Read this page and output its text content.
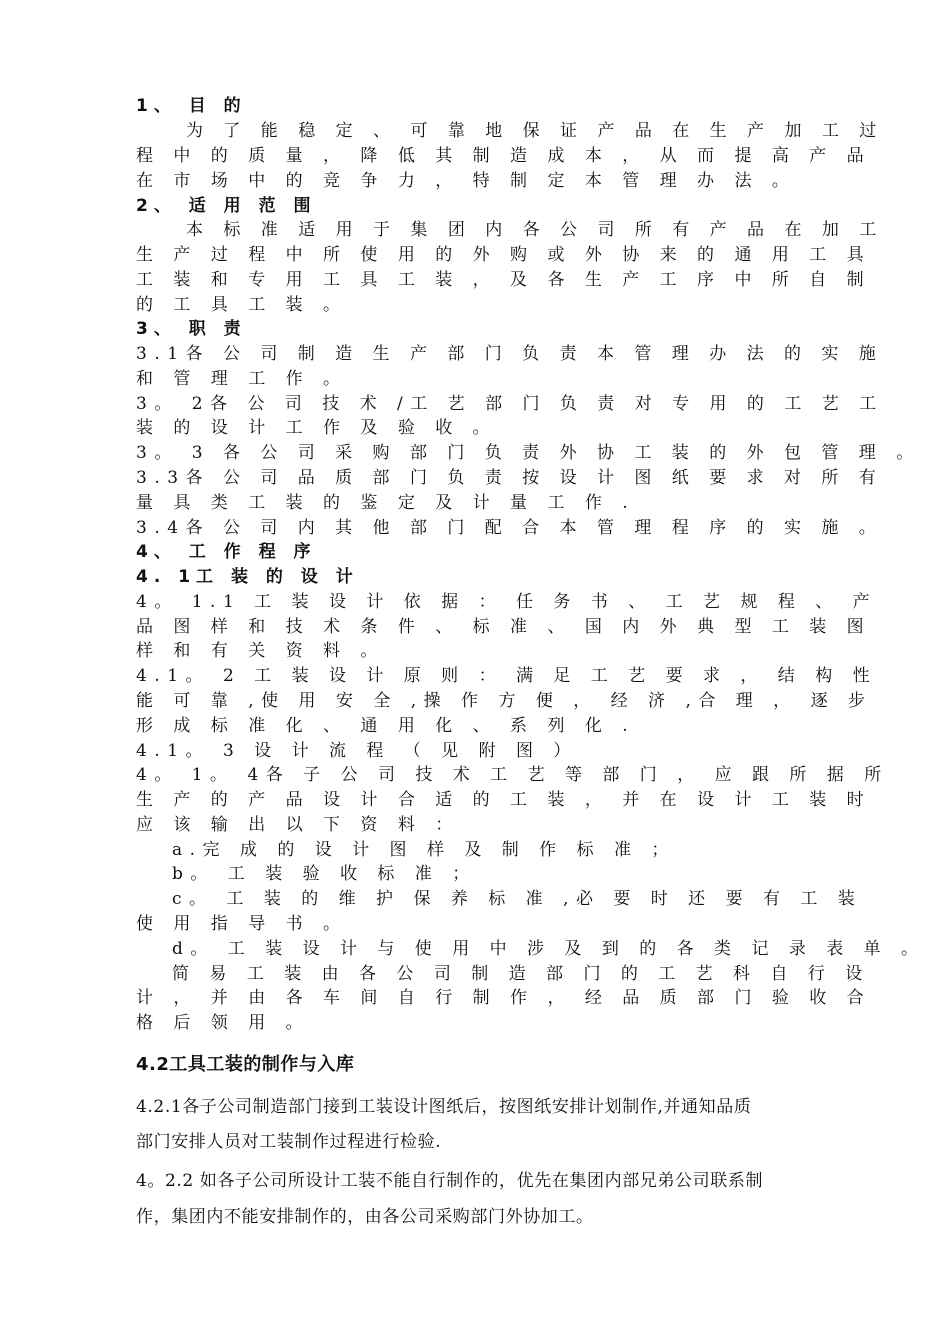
1、 目 的
为 了 能 稳 定 、 可 靠 地 保 证 产 品 在 生 产 加 工 过
程 中 的 质 量 ， 降 低 其 制 造 成 本 ， 从 而 提 高 产 品
在 市 场 中 的 竞 争 力 ， 特 制 定 本 管 理 办 法 。
2、 适 用 范 围
本 标 准 适 用 于 集 团 内 各 公 司 所 有 产 品 在 加 工
生 产 过 程 中 所 使 用 的 外 购 或 外 协 来 的 通 用 工 具
工 装 和 专 用 工 具 工 装 ， 及 各 生 产 工 序 中 所 自 制
的 工 具 工 装 。
3、 职 责
3.1各 公 司 制 造 生 产 部 门 负 责 本 管 理 办 法 的 实 施
和 管 理 工 作 。
3。 2各 公 司 技 术 /工 艺 部 门 负 责 对 专 用 的 工 艺 工
装 的 设 计 工 作 及 验 收 。
3。 3 各 公 司 采 购 部 门 负 责 外 协 工 装 的 外 包 管 理 。
3.3各 公 司 品 质 部 门 负 责 按 设 计 图 纸 要 求 对 所 有
量 具 类 工 装 的 鉴 定 及 计 量 工 作 .
3.4各 公 司 内 其 他 部 门 配 合 本 管 理 程 序 的 实 施 。
4、 工 作 程 序
4. 1工 装 的 设 计
4。 1.1 工 装 设 计 依 据 ： 任 务 书 、 工 艺 规 程 、 产
品 图 样 和 技 术 条 件 、 标 准 、 国 内 外 典 型 工 装 图
样 和 有 关 资 料 。
4.1。 2 工 装 设 计 原 则 ： 满 足 工 艺 要 求 ， 结 构 性
能 可 靠 ,使 用 安 全 ,操 作 方 便 ， 经 济 ,合 理 ， 逐 步
形 成 标 准 化 、 通 用 化 、 系 列 化 .
4.1。 3 设 计 流 程 （ 见 附 图 ）
4。 1。 4各 子 公 司 技 术 工 艺 等 部 门 ， 应 跟 所 据 所
生 产 的 产 品 设 计 合 适 的 工 装 ， 并 在 设 计 工 装 时
应 该 输 出 以 下 资 料 ：
a.完 成 的 设 计 图 样 及 制 作 标 准 ；
b。 工 装 验 收 标 准 ；
c。 工 装 的 维 护 保 养 标 准 ,必 要 时 还 要 有 工 装
使 用 指 导 书 。
d。 工 装 设 计 与 使 用 中 涉 及 到 的 各 类 记 录 表 单 。
简 易 工 装 由 各 公 司 制 造 部 门 的 工 艺 科 自 行 设
计 ， 并 由 各 车 间 自 行 制 作 ， 经 品 质 部 门 验 收 合
格 后 领 用 。
4.2工具工装的制作与入库
4.2.1各子公司制造部门接到工装设计图纸后，按图纸安排计划制作,并通知品质
部门安排人员对工装制作过程进行检验.
4。2.2 如各子公司所设计工装不能自行制作的，优先在集团内部兄弟公司联系制
作，集团内不能安排制作的，由各公司采购部门外协加工。
